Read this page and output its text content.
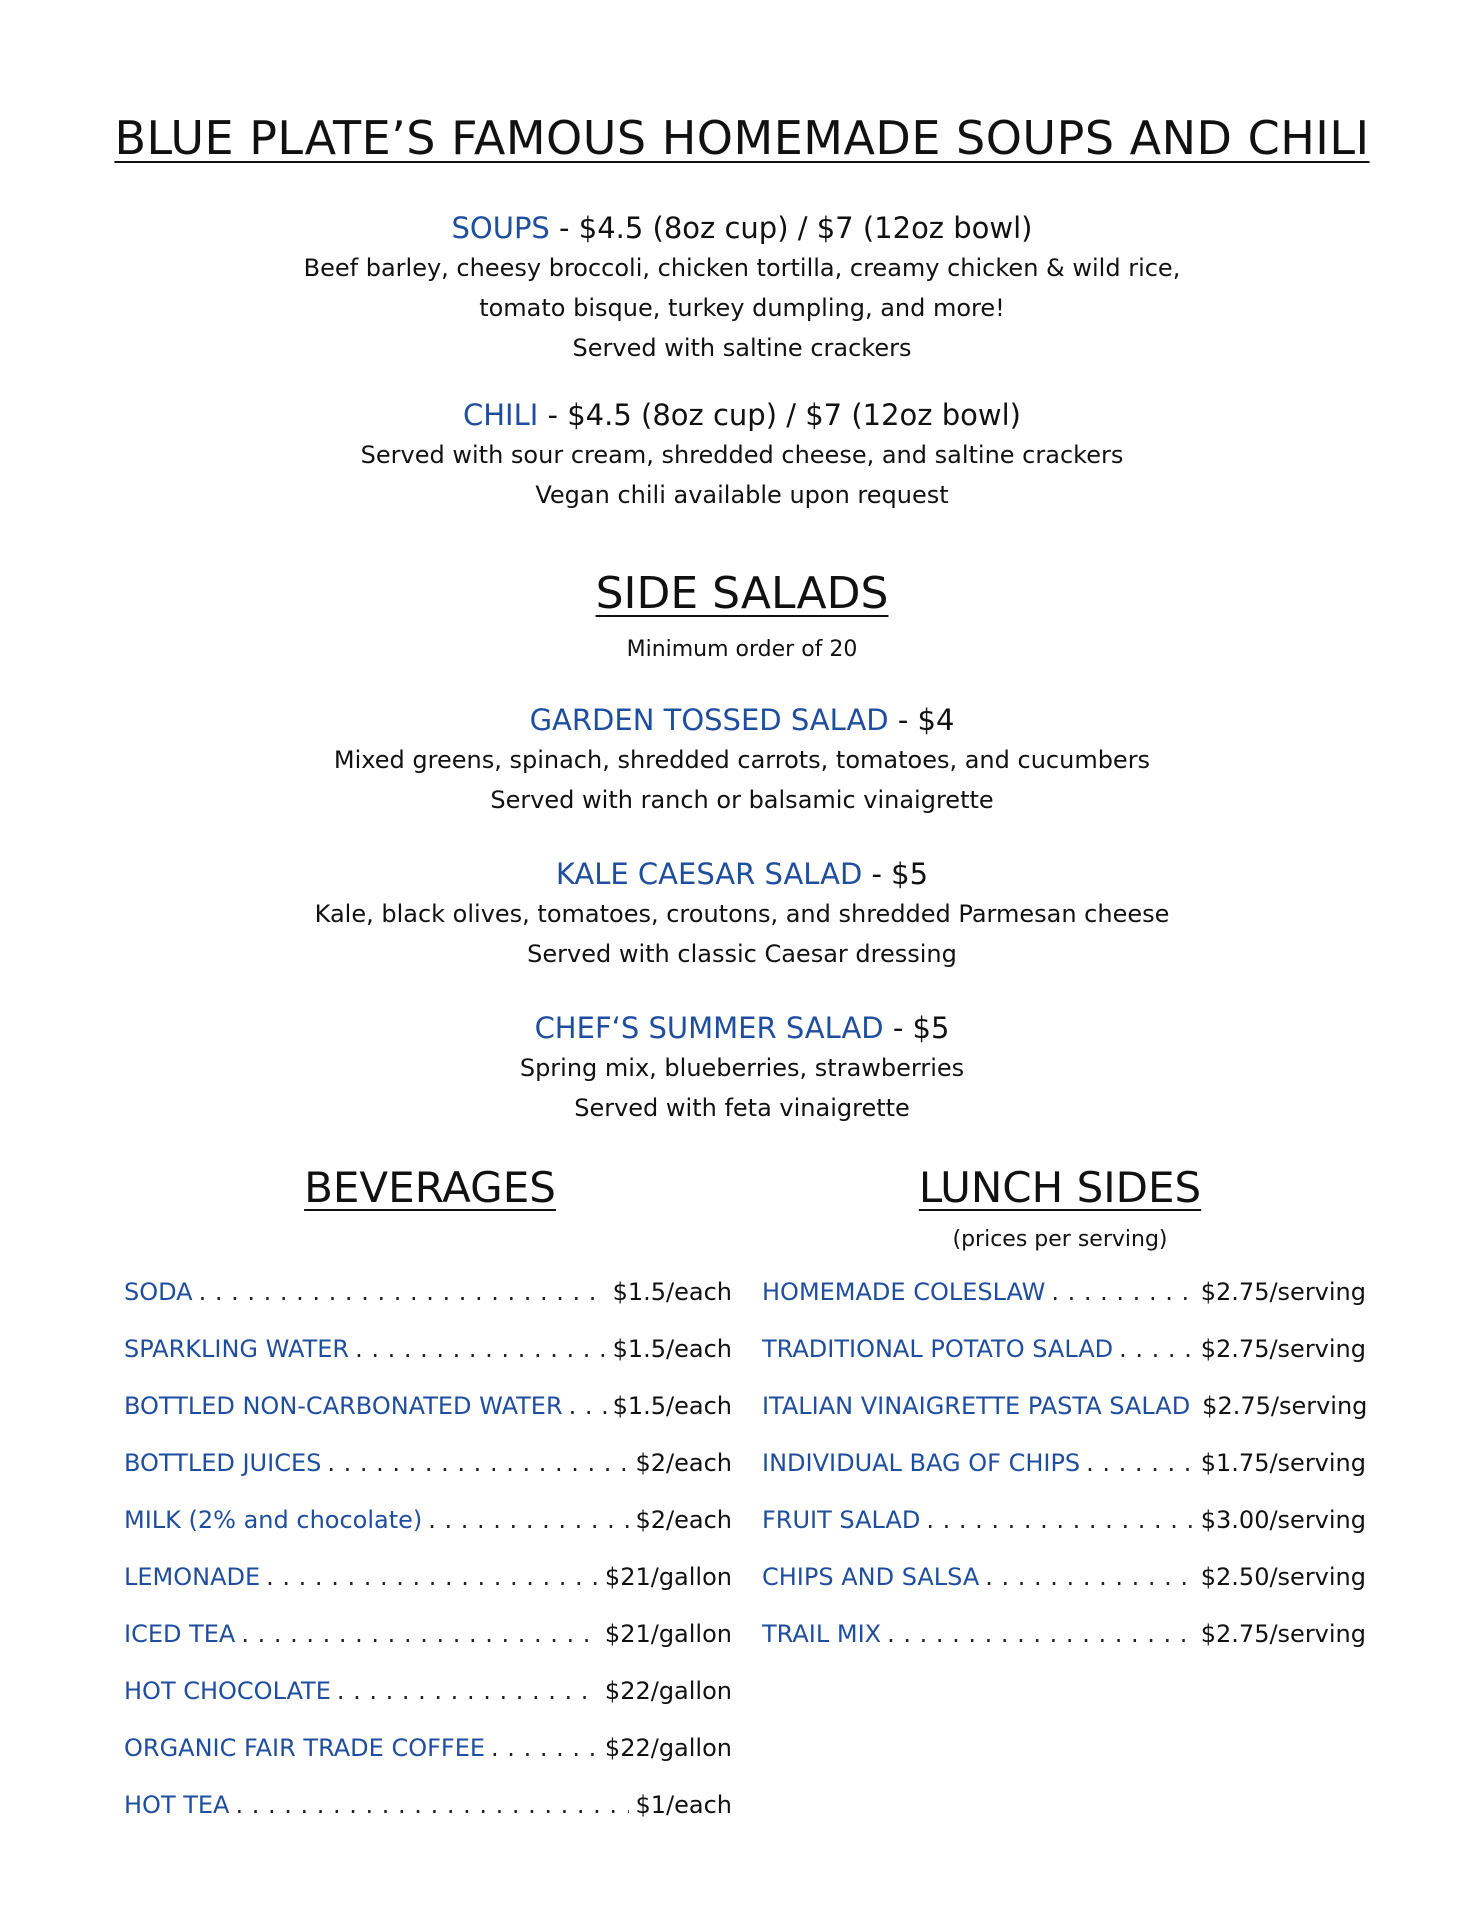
BLUE PLATE’S FAMOUS HOMEMADE SOUPS AND CHILI
SOUPS - $4.5 (8oz cup) / $7 (12oz bowl)
Beef barley, cheesy broccoli, chicken tortilla, creamy chicken & wild rice,
tomato bisque, turkey dumpling, and more!
Served with saltine crackers
CHILI - $4.5 (8oz cup) / $7 (12oz bowl)
Served with sour cream, shredded cheese, and saltine crackers
Vegan chili available upon request
SIDE SALADS
Minimum order of 20
GARDEN TOSSED SALAD - $4
Mixed greens, spinach, shredded carrots, tomatoes, and cucumbers
Served with ranch or balsamic vinaigrette
KALE CAESAR SALAD - $5
Kale, black olives, tomatoes, croutons, and shredded Parmesan cheese
Served with classic Caesar dressing
CHEF‘S SUMMER SALAD - $5
Spring mix, blueberries, strawberries
Served with feta vinaigrette
BEVERAGES
SODA . . .	$1.5/each
SPARKLING WATER . . .	$1.5/each
BOTTLED NON-CARBONATED WATER . . . $1.5/each
BOTTLED JUICES . . .	$2/each
MILK (2% and chocolate) . . .	$2/each
LEMONADE . . .	$21/gallon
ICED TEA . . .	$21/gallon
HOT CHOCOLATE . . .	$22/gallon
ORGANIC FAIR TRADE COFFEE . . .	$22/gallon
HOT TEA . . .	$1/each
LUNCH SIDES
(prices per serving)
HOMEMADE COLESLAW . . .	$2.75/serving
TRADITIONAL POTATO SALAD . . .	$2.75/serving
ITALIAN VINAIGRETTE PASTA SALAD $2.75/serving
INDIVIDUAL BAG OF CHIPS . . .	$1.75/serving
FRUIT SALAD . . .	$3.00/serving
CHIPS AND SALSA . . .	$2.50/serving
TRAIL MIX . . .	$2.75/serving
